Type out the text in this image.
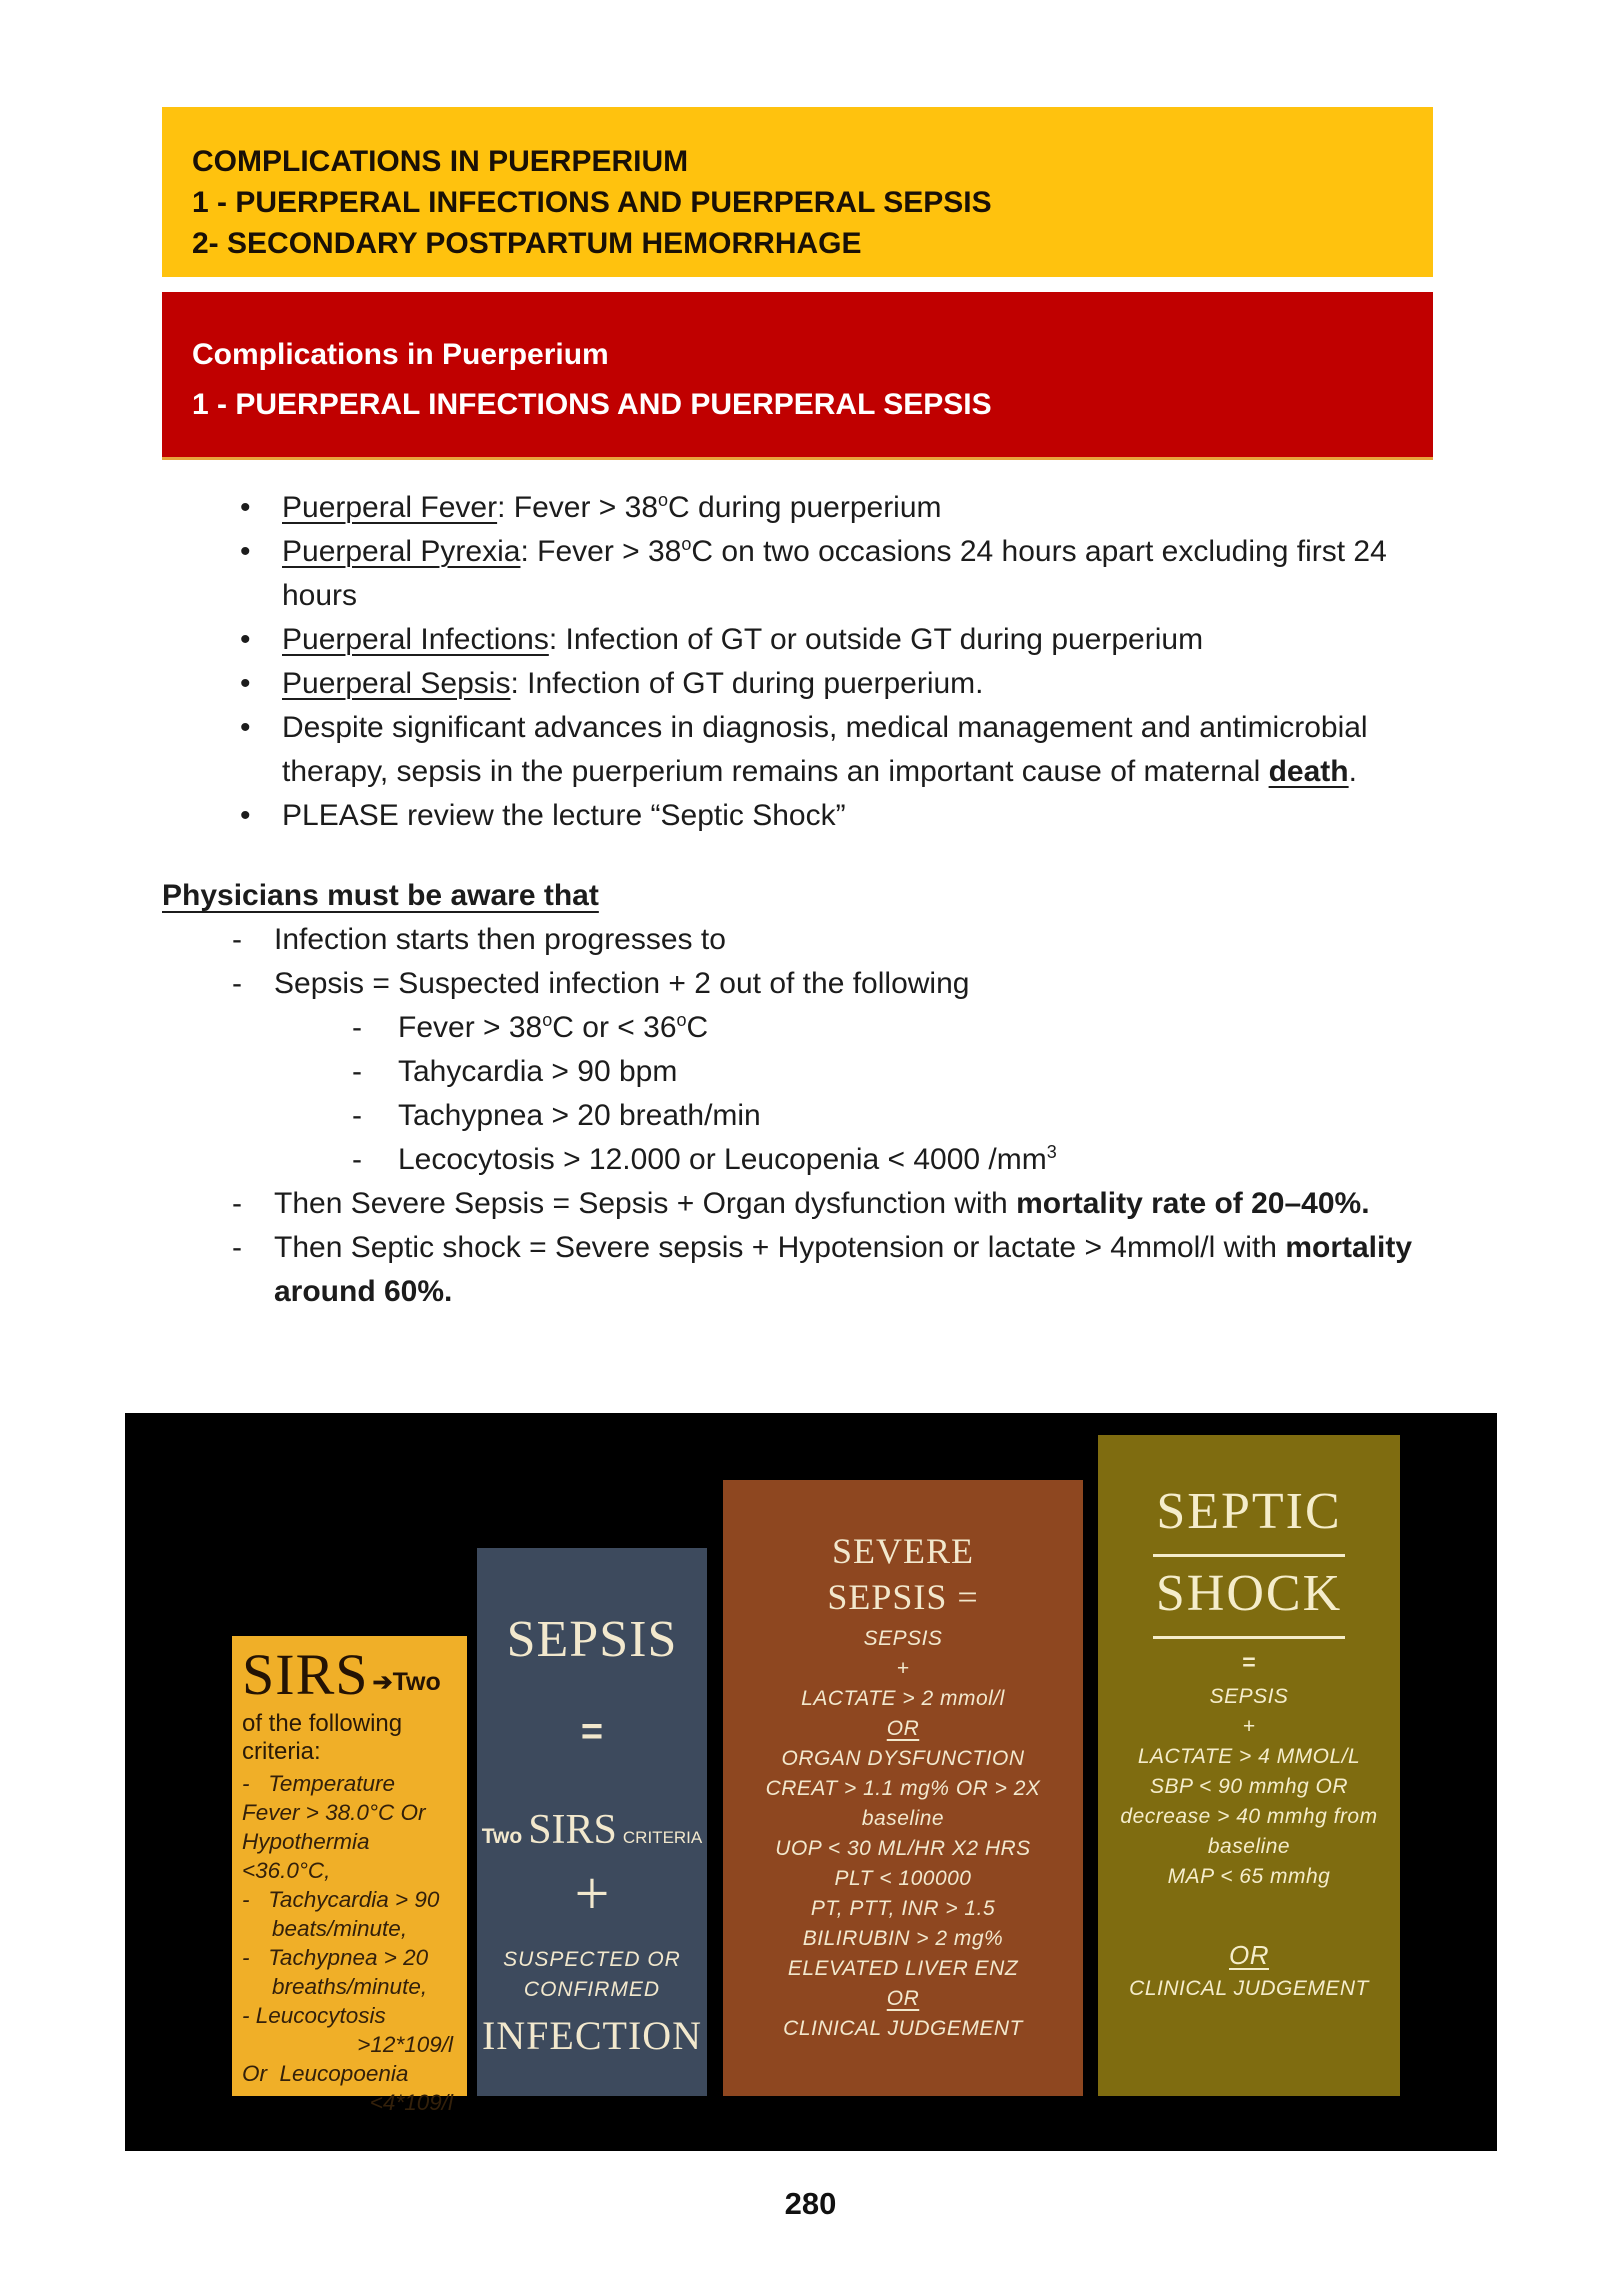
COMPLICATIONS IN PUERPERIUM
1 - PUERPERAL INFECTIONS AND PUERPERAL SEPSIS
2- SECONDARY POSTPARTUM HEMORRHAGE
Complications in Puerperium
1 - PUERPERAL INFECTIONS AND PUERPERAL SEPSIS
•	Puerperal Fever: Fever > $38^oC$ during puerperium
•	Puerperal Pyrexia: Fever > $38^oC$ on two occasions 24 hours apart excluding first 24 hours
•	Puerperal Infections: Infection of GT or outside GT during puerperium
•	Puerperal Sepsis: Infection of GT during puerperium.
•	Despite significant advances in diagnosis, medical management and antimicrobial therapy, sepsis in the puerperium remains an important cause of maternal death.
•	PLEASE review the lecture “Septic Shock”
Physicians must be aware that
-	Infection starts then progresses to
-	Sepsis = Suspected infection + 2 out of the following
-	Fever > $38^oC$ or < $36^oC$
-	Tahycardia > 90 bpm
-	Tachypnea > 20 breath/min
-	Lecocytosis > 12.000 or Leucopenia < 4000 $/mm^3$
-	Then Severe Sepsis = Sepsis + Organ dysfunction with mortality rate of 20–40%.
-	Then Septic shock = Severe sepsis + Hypotension or lactate > 4mmol/l with mortality around 60%.
SIRS ➔ Two
of the following criteria:
-   Temperature
Fever > 38.0°C Or
Hypothermia
<36.0°C,
-   Tachycardia > 90
beats/minute,
-   Tachypnea > 20
breaths/minute,
- Leucocytosis
>12*109/l
Or  Leucopoenia
<4*109/l
SEPSIS
=
Two SIRS CRITERIA
+
SUSPECTED OR
CONFIRMED
INFECTION
SEVERE
SEPSIS =
SEPSIS
+
LACTATE > 2 mmol/l
OR
ORGAN DYSFUNCTION
CREAT > 1.1 mg% OR > 2X baseline
UOP < 30 ML/HR X2 HRS
PLT < 100000
PT, PTT, INR > 1.5
BILIRUBIN > 2 mg%
ELEVATED LIVER ENZ
OR
CLINICAL JUDGEMENT
SEPTIC
SHOCK
=
SEPSIS
+
LACTATE > 4 MMOL/L
SBP < 90 mmhg OR
decrease > 40 mmhg from
baseline
MAP < 65 mmhg
OR
CLINICAL JUDGEMENT
280
